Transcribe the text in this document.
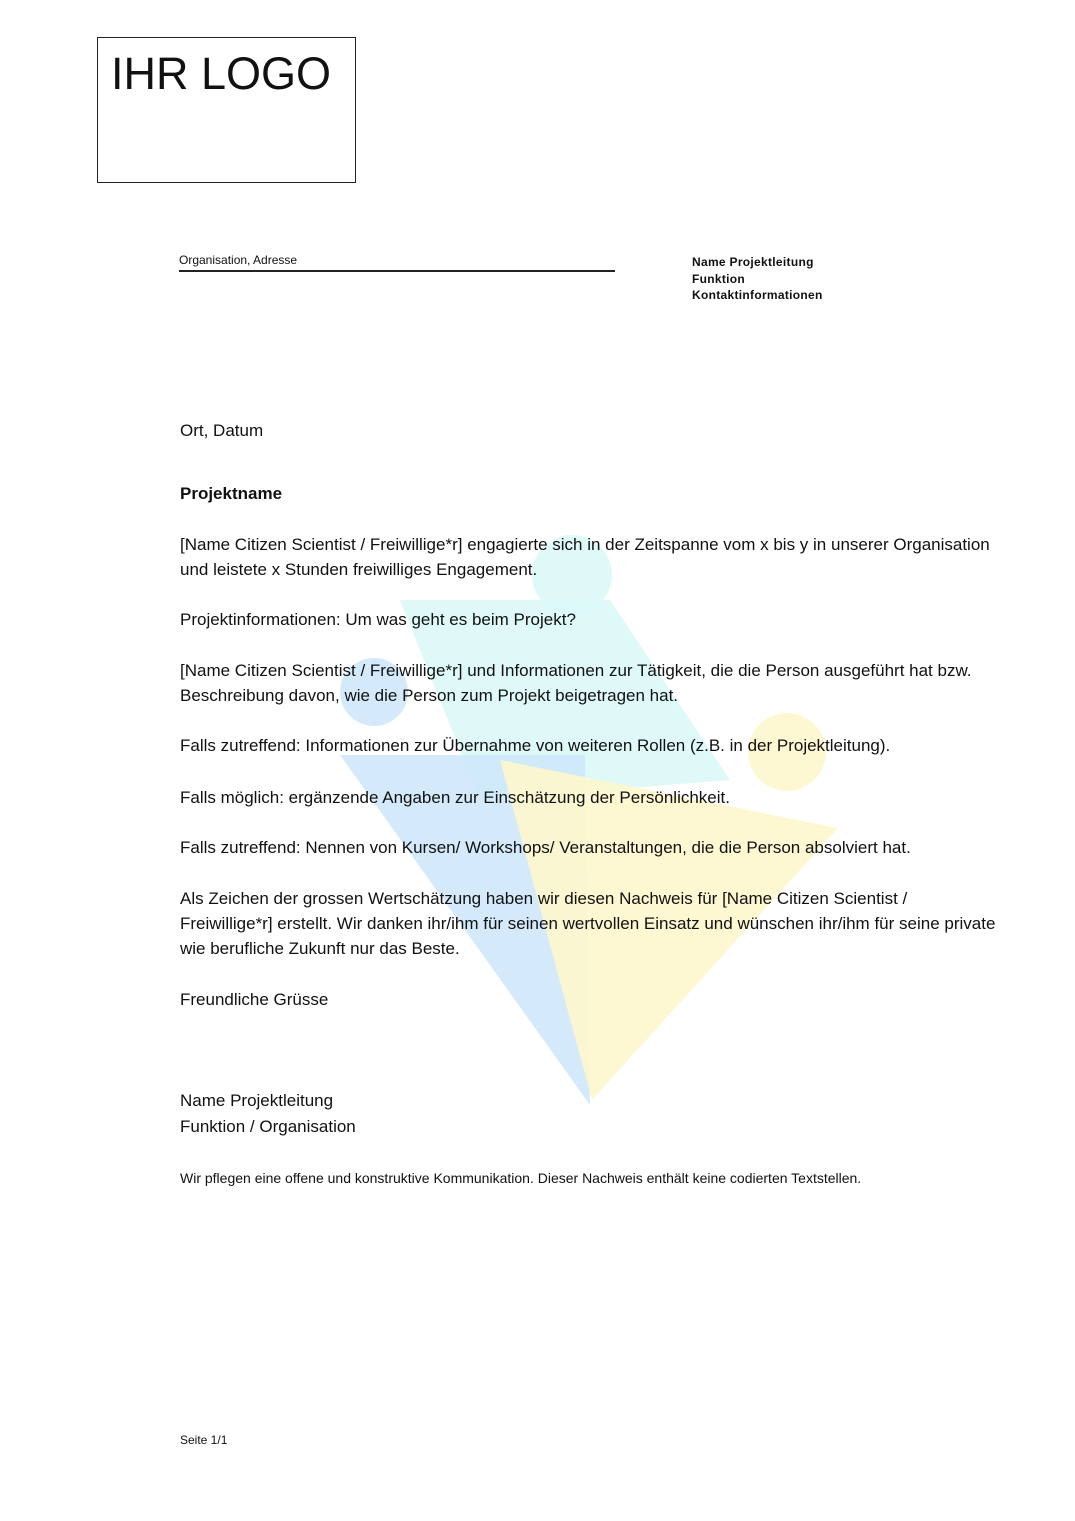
IHR LOGO
Organisation, Adresse	Name Projektleitung
Funktion
Kontaktinformationen
Ort, Datum
Projektname
[Name Citizen Scientist / Freiwillige*r] engagierte sich in der Zeitspanne vom x bis y in unserer Organisation und leistete x Stunden freiwilliges Engagement.
Projektinformationen: Um was geht es beim Projekt?
[Name Citizen Scientist / Freiwillige*r] und Informationen zur Tätigkeit, die die Person ausgeführt hat bzw. Beschreibung davon, wie die Person zum Projekt beigetragen hat.
Falls zutreffend: Informationen zur Übernahme von weiteren Rollen (z.B. in der Projektleitung).
Falls möglich: ergänzende Angaben zur Einschätzung der Persönlichkeit.
Falls zutreffend: Nennen von Kursen/ Workshops/ Veranstaltungen, die die Person absolviert hat.
Als Zeichen der grossen Wertschätzung haben wir diesen Nachweis für [Name Citizen Scientist / Freiwillige*r] erstellt. Wir danken ihr/ihm für seinen wertvollen Einsatz und wünschen ihr/ihm für seine private wie berufliche Zukunft nur das Beste.
Freundliche Grüsse
Name Projektleitung
Funktion / Organisation
Wir pflegen eine offene und konstruktive Kommunikation. Dieser Nachweis enthält keine codierten Textstellen.
Seite 1/1
